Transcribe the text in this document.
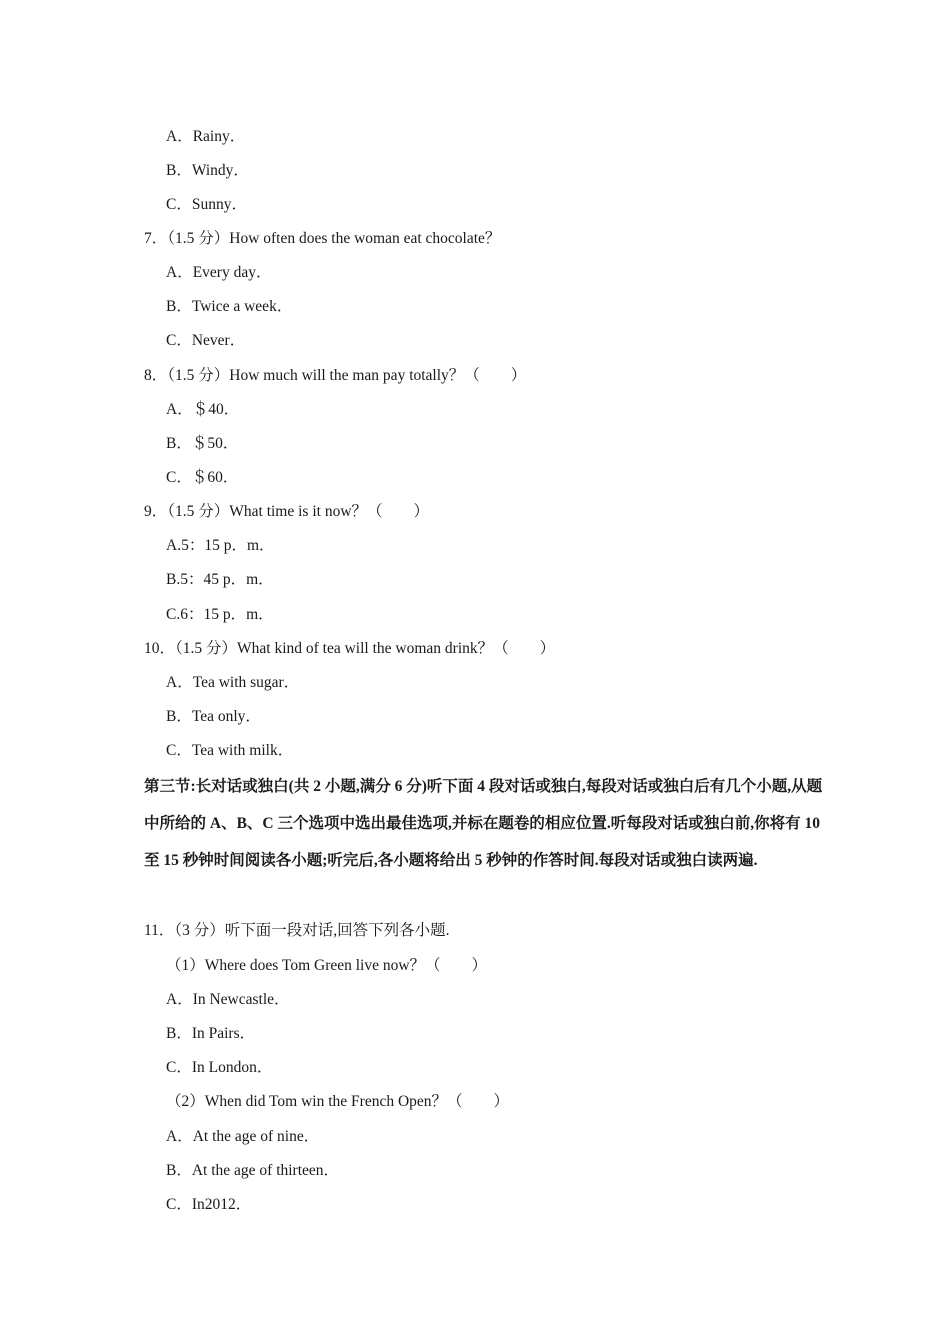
A．Rainy．
B．Windy．
C．Sunny．
7．（1.5 分）How often does the woman eat chocolate？
A．Every day．
B．Twice a week．
C．Never．
8．（1.5 分）How much will the man pay totally？（　　）
A．＄40．
B．＄50．
C．＄60．
9．（1.5 分）What time is it now？（　　）
A.5：15 p．m．
B.5：45 p．m．
C.6：15 p．m．
10．（1.5 分）What kind of tea will the woman drink？（　　）
A．Tea with sugar．
B．Tea only．
C．Tea with milk．
第三节:长对话或独白(共 2 小题,满分 6 分)听下面 4 段对话或独白,每段对话或独白后有几个小题,从题中所给的 A、B、C 三个选项中选出最佳选项,并标在题卷的相应位置.听每段对话或独白前,你将有 10 至 15 秒钟时间阅读各小题;听完后,各小题将给出 5 秒钟的作答时间.每段对话或独白读两遍.
11．（3 分）听下面一段对话,回答下列各小题.
（1）Where does Tom Green live now？（　　）
A．In Newcastle．
B．In Pairs．
C．In London．
（2）When did Tom win the French Open？（　　）
A．At the age of nine．
B．At the age of thirteen．
C．In2012．
